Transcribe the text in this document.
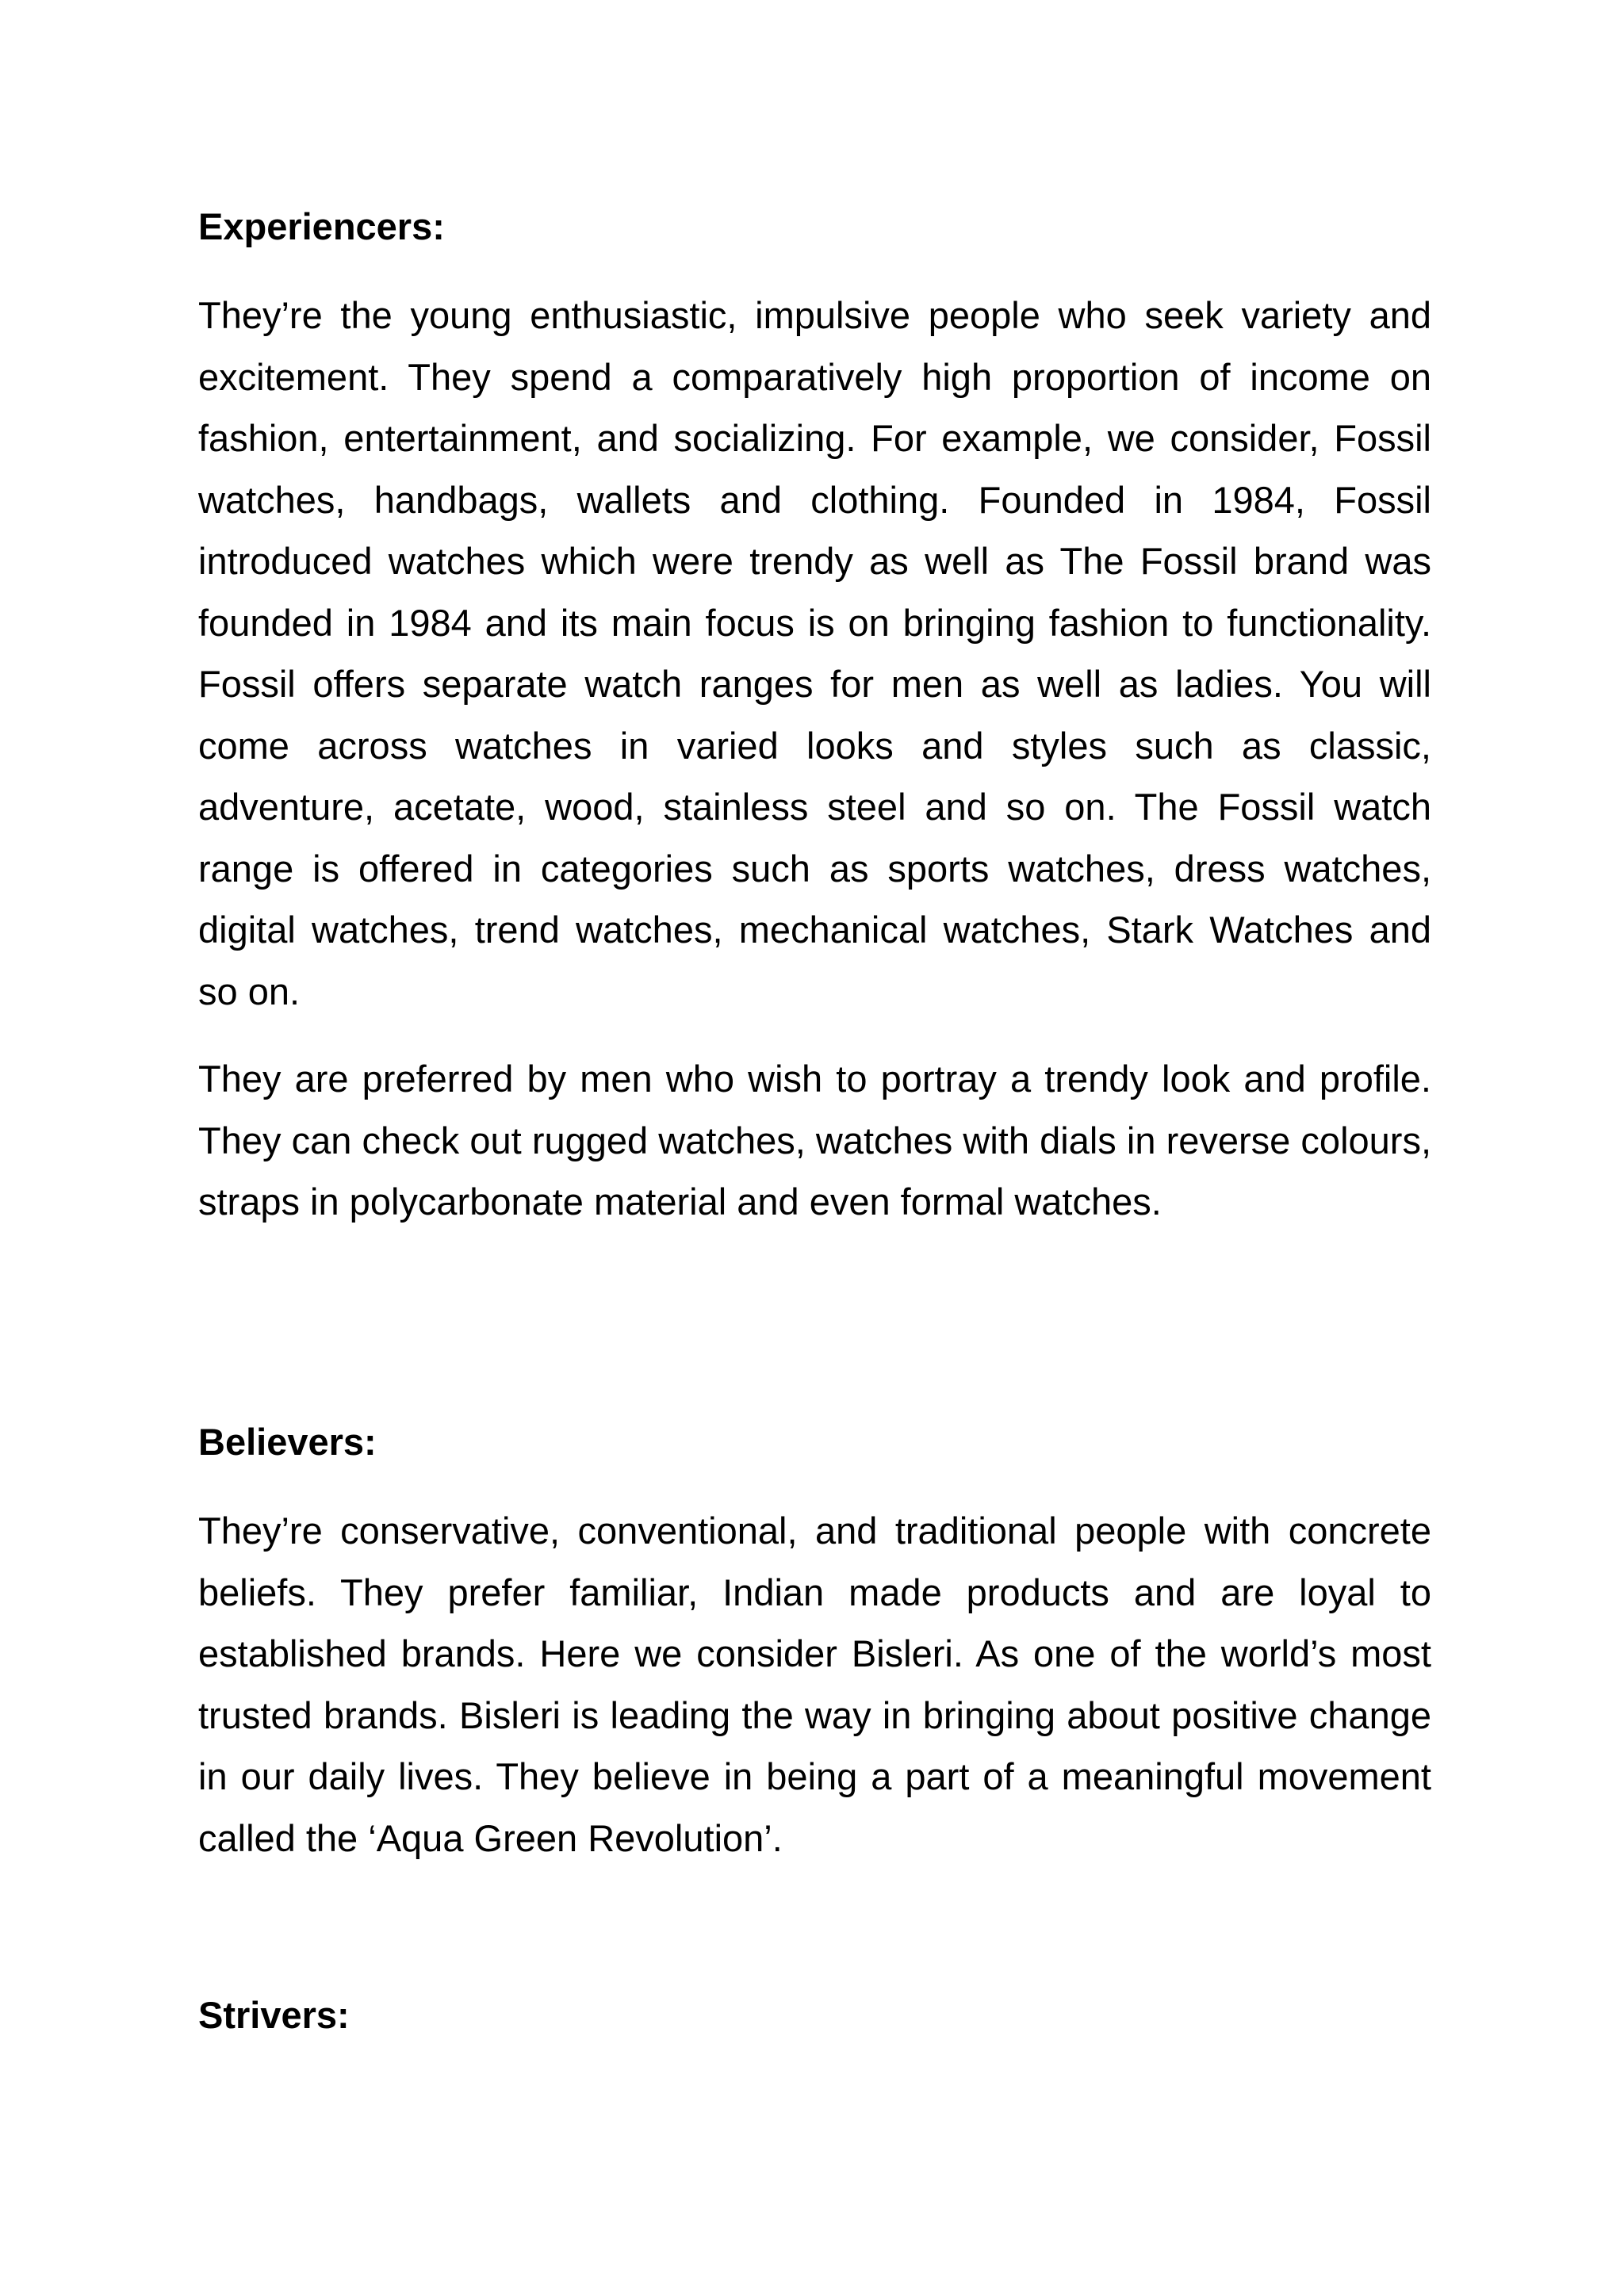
Experiencers:

They’re the young enthusiastic, impulsive people who seek variety and excitement. They spend a comparatively high proportion of income on fashion, entertainment, and socializing. For example, we consider, Fossil watches, handbags, wallets and clothing. Founded in 1984, Fossil introduced watches which were trendy as well as The Fossil brand was founded in 1984 and its main focus is on bringing fashion to functionality. Fossil offers separate watch ranges for men as well as ladies. You will come across watches in varied looks and styles such as classic, adventure, acetate, wood, stainless steel and so on. The Fossil watch range is offered in categories such as sports watches, dress watches, digital watches, trend watches, mechanical watches, Stark Watches and so on.

They are preferred by men who wish to portray a trendy look and profile. They can check out rugged watches, watches with dials in reverse colours, straps in polycarbonate material and even formal watches.

Believers:

They’re conservative, conventional, and traditional people with concrete beliefs. They prefer familiar, Indian made products and are loyal to established brands. Here we consider Bisleri. As one of the world’s most trusted brands. Bisleri is leading the way in bringing about positive change in our daily lives. They believe in being a part of a meaningful movement called the ‘Aqua Green Revolution’.

Strivers:
